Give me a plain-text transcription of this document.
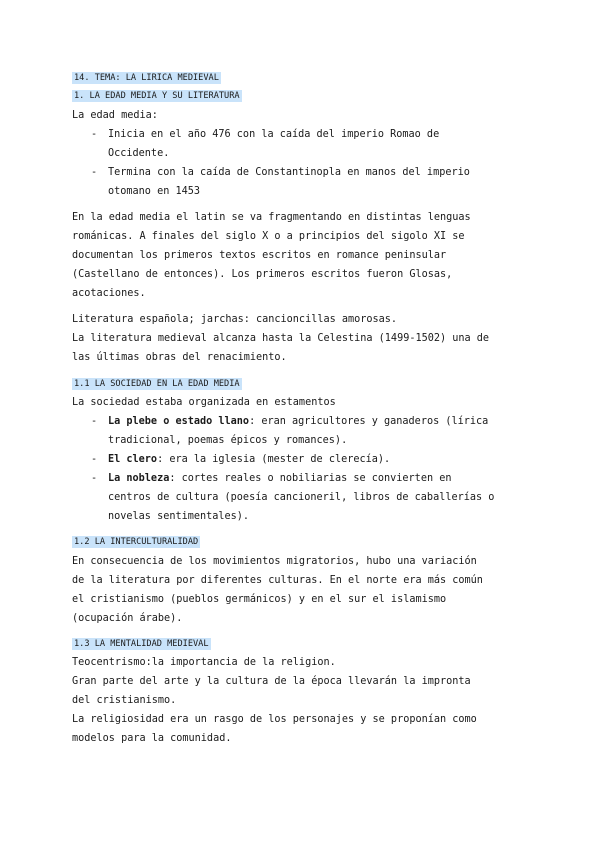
14. TEMA: LA LIRICA MEDIEVAL
1. LA EDAD MEDIA Y SU LITERATURA
La edad media:
- Inicia en el año 476 con la caída del imperio Romao de
Occidente.
- Termina con la caída de Constantinopla en manos del imperio
otomano en 1453
En la edad media el latin se va fragmentando en distintas lenguas
románicas. A finales del siglo X o a principios del sigolo XI se
documentan los primeros textos escritos en romance peninsular
(Castellano de entonces). Los primeros escritos fueron Glosas,
acotaciones.
Literatura española; jarchas: cancioncillas amorosas.
La literatura medieval alcanza hasta la Celestina (1499-1502) una de
las últimas obras del renacimiento.
1.1 LA SOCIEDAD EN LA EDAD MEDIA
La sociedad estaba organizada en estamentos
- La plebe o estado llano: eran agricultores y ganaderos (lírica
tradicional, poemas épicos y romances).
- El clero: era la iglesia (mester de clerecía).
- La nobleza: cortes reales o nobiliarias se convierten en
centros de cultura (poesía cancioneril, libros de caballerías o
novelas sentimentales).
1.2 LA INTERCULTURALIDAD
En consecuencia de los movimientos migratorios, hubo una variación
de la literatura por diferentes culturas. En el norte era más común
el cristianismo (pueblos germánicos) y en el sur el islamismo
(ocupación árabe).
1.3 LA MENTALIDAD MEDIEVAL
Teocentrismo:la importancia de la religion.
Gran parte del arte y la cultura de la época llevarán la impronta
del cristianismo.
La religiosidad era un rasgo de los personajes y se proponían como
modelos para la comunidad.
